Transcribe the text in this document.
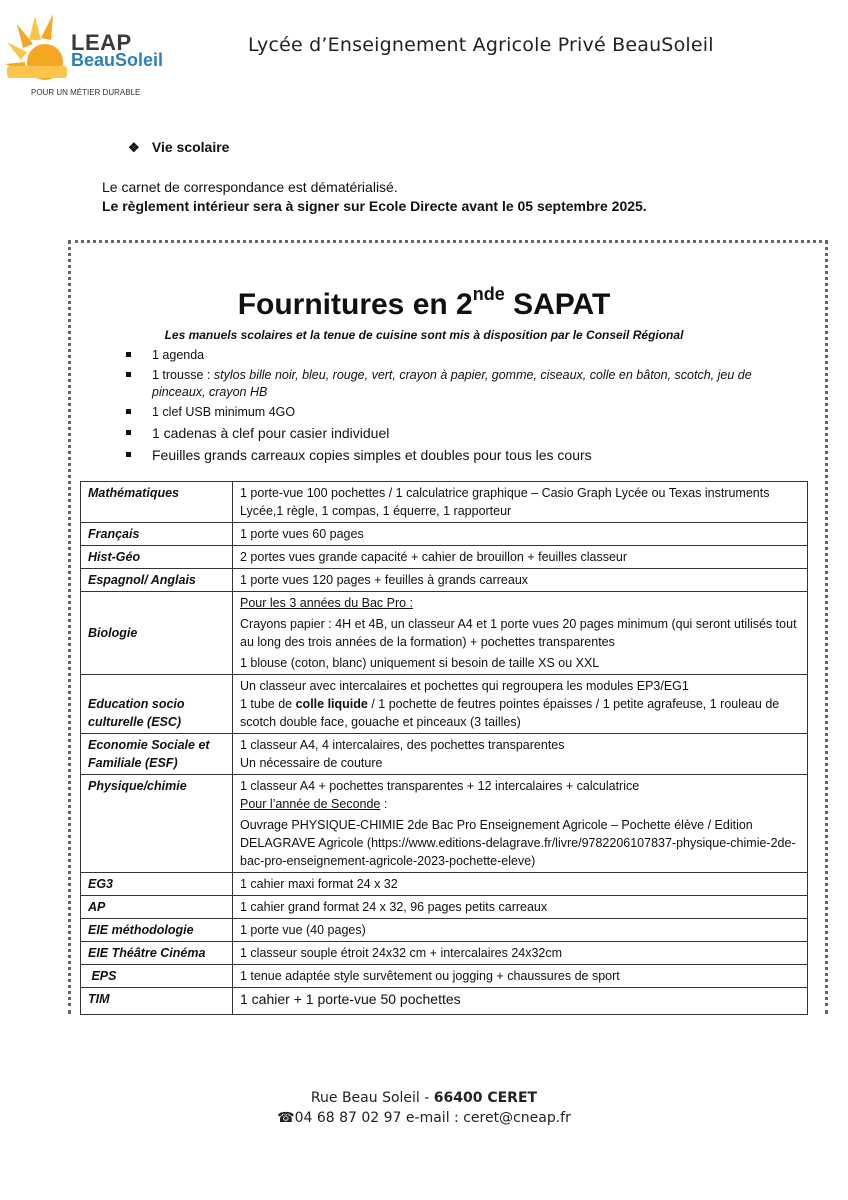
LEAP
BeauSoleil
POUR UN MÉTIER DURABLE
Lycée d’Enseignement Agricole Privé BeauSoleil
❖ Vie scolaire
Le carnet de correspondance est dématérialisé.
Le règlement intérieur sera à signer sur Ecole Directe avant le 05 septembre 2025.
Fournitures en 2nde SAPAT
Les manuels scolaires et la tenue de cuisine sont mis à disposition par le Conseil Régional
1 agenda
1 trousse : stylos bille noir, bleu, rouge, vert, crayon à papier, gomme, ciseaux, colle en bâton, scotch, jeu de pinceaux, crayon HB
1 clef USB minimum 4GO
1 cadenas à clef pour casier individuel
Feuilles grands carreaux copies simples et doubles pour tous les cours
Mathématiques	1 porte-vue 100 pochettes / 1 calculatrice graphique – Casio Graph Lycée ou Texas instruments Lycée,1 règle, 1 compas, 1 équerre, 1 rapporteur
Français	1 porte vues 60 pages
Hist-Géo	2 portes vues grande capacité + cahier de brouillon + feuilles classeur
Espagnol/ Anglais	1 porte vues 120 pages + feuilles à grands carreaux
Biologie	Pour les 3 années du Bac Pro :

Crayons papier : 4H et 4B, un classeur A4 et 1 porte vues 20 pages minimum (qui seront utilisés tout au long des trois années de la formation) + pochettes transparentes

1 blouse (coton, blanc) uniquement si besoin de taille XS ou XXL

Education socio culturelle (ESC)	Un classeur avec intercalaires et pochettes qui regroupera les modules EP3/EG1
1 tube de colle liquide / 1 pochette de feutres pointes épaisses / 1 petite agrafeuse, 1 rouleau de scotch double face, gouache et pinceaux (3 tailles)

Economie Sociale et Familiale (ESF)	1 classeur A4, 4 intercalaires, des pochettes transparentes
Un nécessaire de couture

Physique/chimie	1 classeur A4 + pochettes transparentes + 12 intercalaires + calculatrice
Pour l’année de Seconde :

Ouvrage PHYSIQUE-CHIMIE 2de Bac Pro Enseignement Agricole – Pochette élève / Edition DELAGRAVE Agricole (https://www.editions-delagrave.fr/livre/9782206107837-physique-chimie-2de-bac-pro-enseignement-agricole-2023-pochette-eleve)

EG3	1 cahier maxi format 24 x 32
AP	1 cahier grand format 24 x 32, 96 pages petits carreaux
EIE méthodologie	1 porte vue (40 pages)
EIE Théâtre Cinéma	1 classeur souple étroit 24x32 cm + intercalaires 24x32cm
EPS	1 tenue adaptée style survêtement ou jogging + chaussures de sport
TIM	1 cahier + 1 porte-vue 50 pochettes
Rue Beau Soleil - 66400 CERET
☎04 68 87 02 97 e-mail : ceret@cneap.fr
